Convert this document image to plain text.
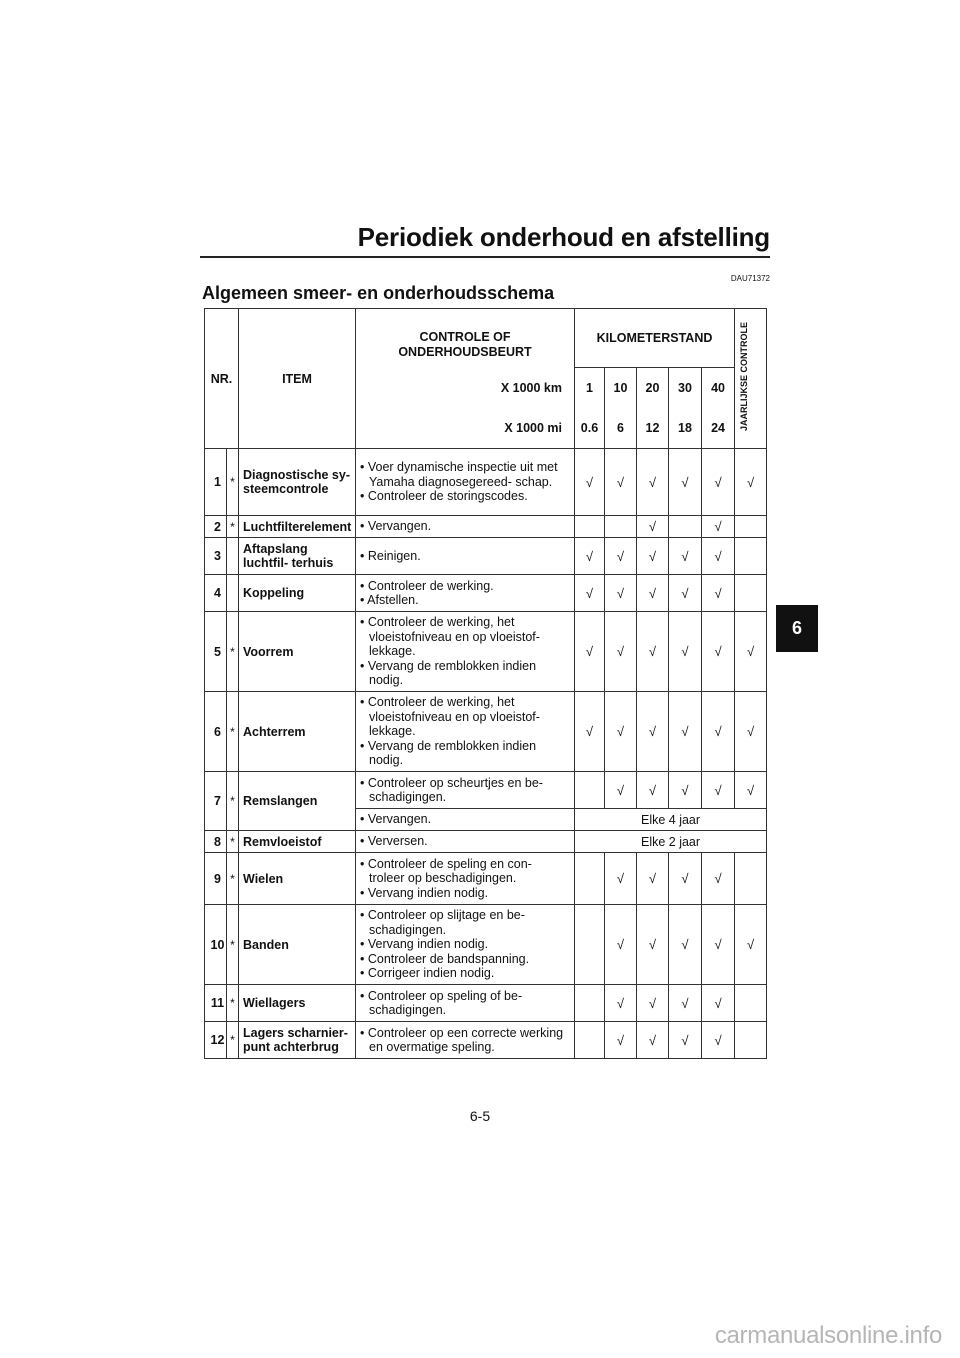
Periodiek onderhoud en afstelling
DAU71372
Algemeen smeer- en onderhoudsschema
6
NR.		ITEM	CONTROLE OF ONDERHOUDSBEURT	KILOMETERSTAND					JAARLIJKSE CONTROLE
			X 1000 km	1	10	20	30	40	
			X 1000 mi	0.6	6	12	18	24	
1	*	Diagnostische sy- steemcontrole	• Voer dynamische inspectie uit met Yamaha diagnosegereed- schap.
• Controleer de storingscodes.	√	√	√	√	√	√
2	*	Luchtfilterelement	• Vervangen.			√		√	
3		Aftapslang luchtfil- terhuis	• Reinigen.	√	√	√	√	√	
4		Koppeling	• Controleer de werking.
• Afstellen.	√	√	√	√	√	
5	*	Voorrem	• Controleer de werking, het vloeistofniveau en op vloeistof- lekkage.
• Vervang de remblokken indien nodig.	√	√	√	√	√	√
6	*	Achterrem	• Controleer de werking, het vloeistofniveau en op vloeistof- lekkage.
• Vervang de remblokken indien nodig.	√	√	√	√	√	√
7	*	Remslangen	• Controleer op scheurtjes en be- schadigingen.		√	√	√	√	√

			• Vervangen.	Elke 4 jaar					
8	*	Remvloeistof	• Verversen.	Elke 2 jaar					
9	*	Wielen	• Controleer de speling en con- troleer op beschadigingen.
• Vervang indien nodig.		√	√	√	√	
10	*	Banden	• Controleer op slijtage en be- schadigingen.
• Vervang indien nodig.
• Controleer de bandspanning.
• Corrigeer indien nodig.		√	√	√	√	√
11	*	Wiellagers	• Controleer op speling of be- schadigingen.		√	√	√	√	
12	*	Lagers scharnier- punt achterbrug	• Controleer op een correcte werking en overmatige speling.		√	√	√	√	
6-5
carmanualsonline.info
